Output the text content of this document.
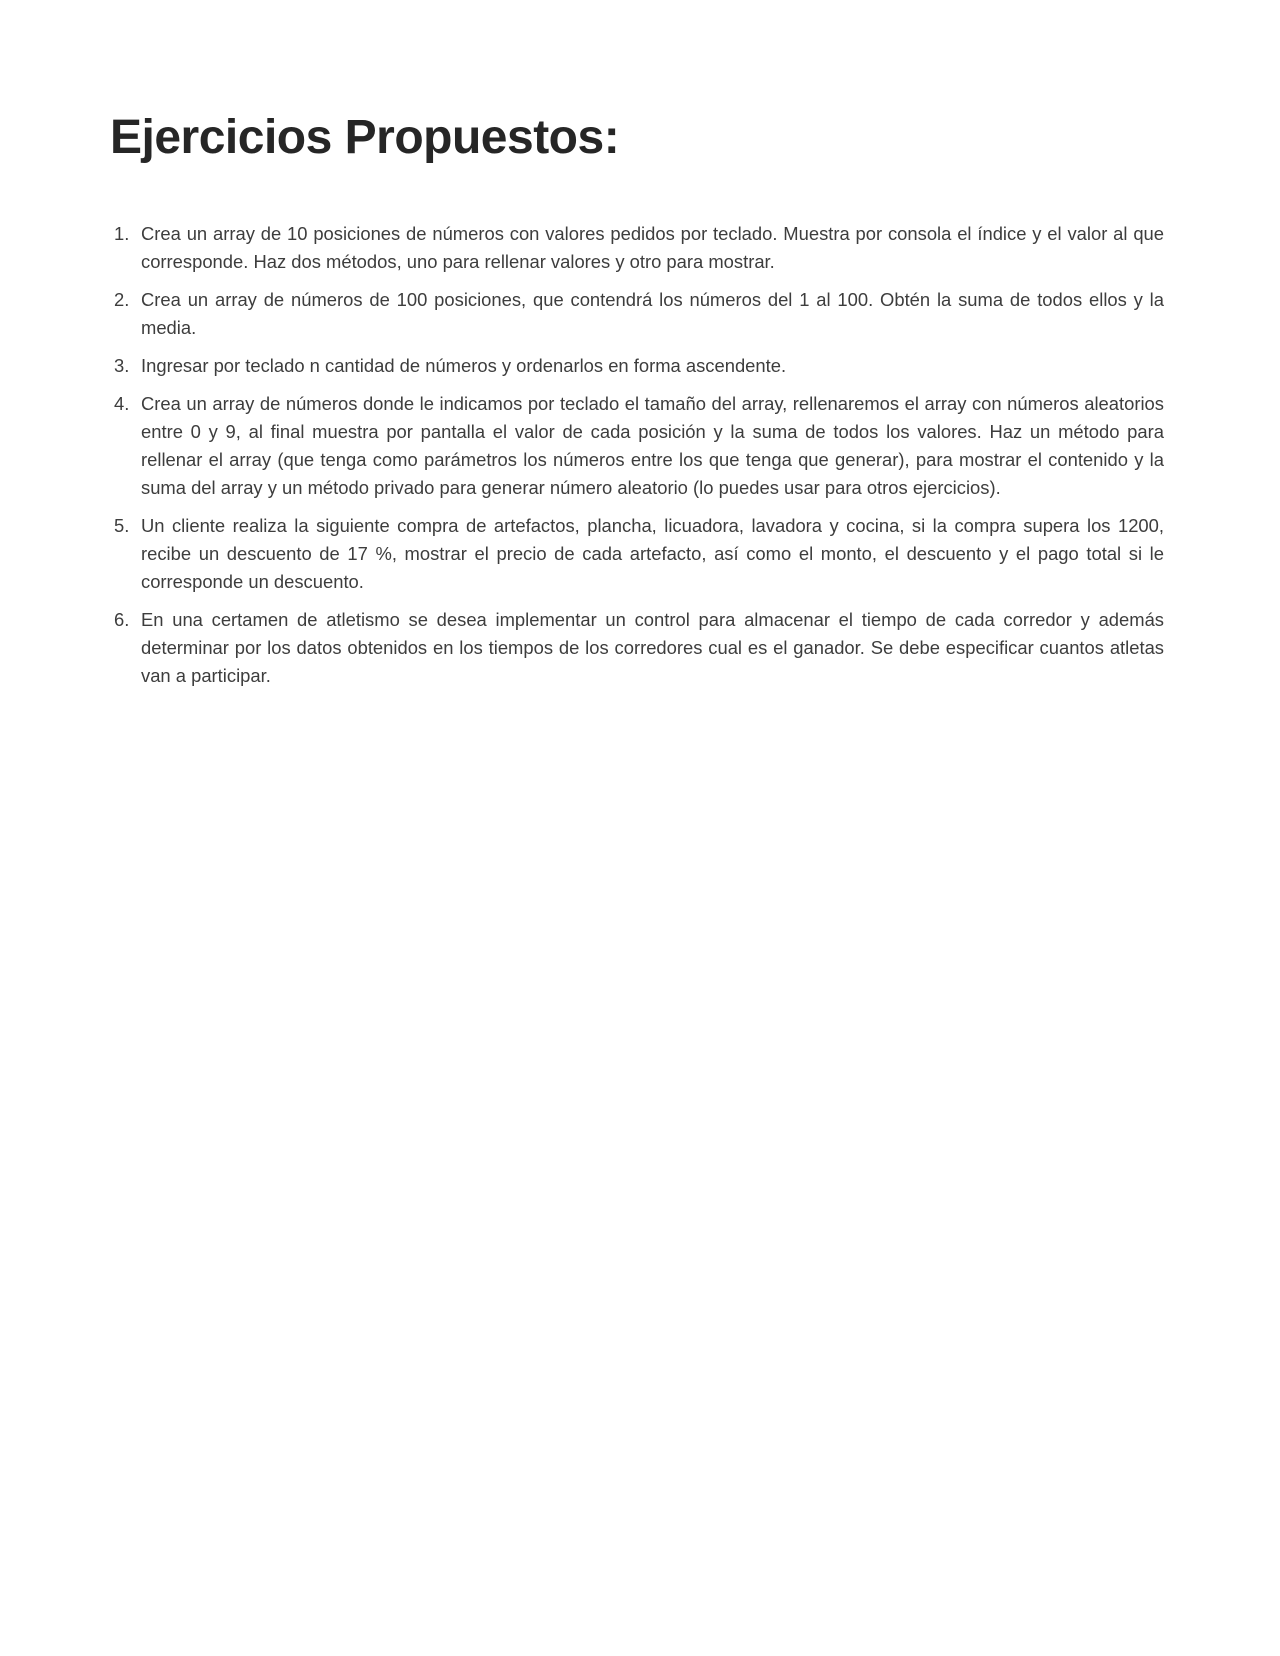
Ejercicios Propuestos:
1. Crea un array de 10 posiciones de números con valores pedidos por teclado. Muestra por consola el índice y el valor al que corresponde. Haz dos métodos, uno para rellenar valores y otro para mostrar.
2. Crea un array de números de 100 posiciones, que contendrá los números del 1 al 100. Obtén la suma de todos ellos y la media.
3. Ingresar por teclado n cantidad de números y ordenarlos en forma ascendente.
4. Crea un array de números donde le indicamos por teclado el tamaño del array, rellenaremos el array con números aleatorios entre 0 y 9, al final muestra por pantalla el valor de cada posición y la suma de todos los valores. Haz un método para rellenar el array (que tenga como parámetros los números entre los que tenga que generar), para mostrar el contenido y la suma del array y un método privado para generar número aleatorio (lo puedes usar para otros ejercicios).
5. Un cliente realiza la siguiente compra de artefactos, plancha, licuadora, lavadora y cocina, si la compra supera los 1200, recibe un descuento de 17 %, mostrar el precio de cada artefacto, así como el monto, el descuento y el pago total si le corresponde un descuento.
6. En una certamen de atletismo se desea implementar un control para almacenar el tiempo de cada corredor y además determinar por los datos obtenidos en los tiempos de los corredores cual es el ganador. Se debe especificar cuantos atletas van a participar.
